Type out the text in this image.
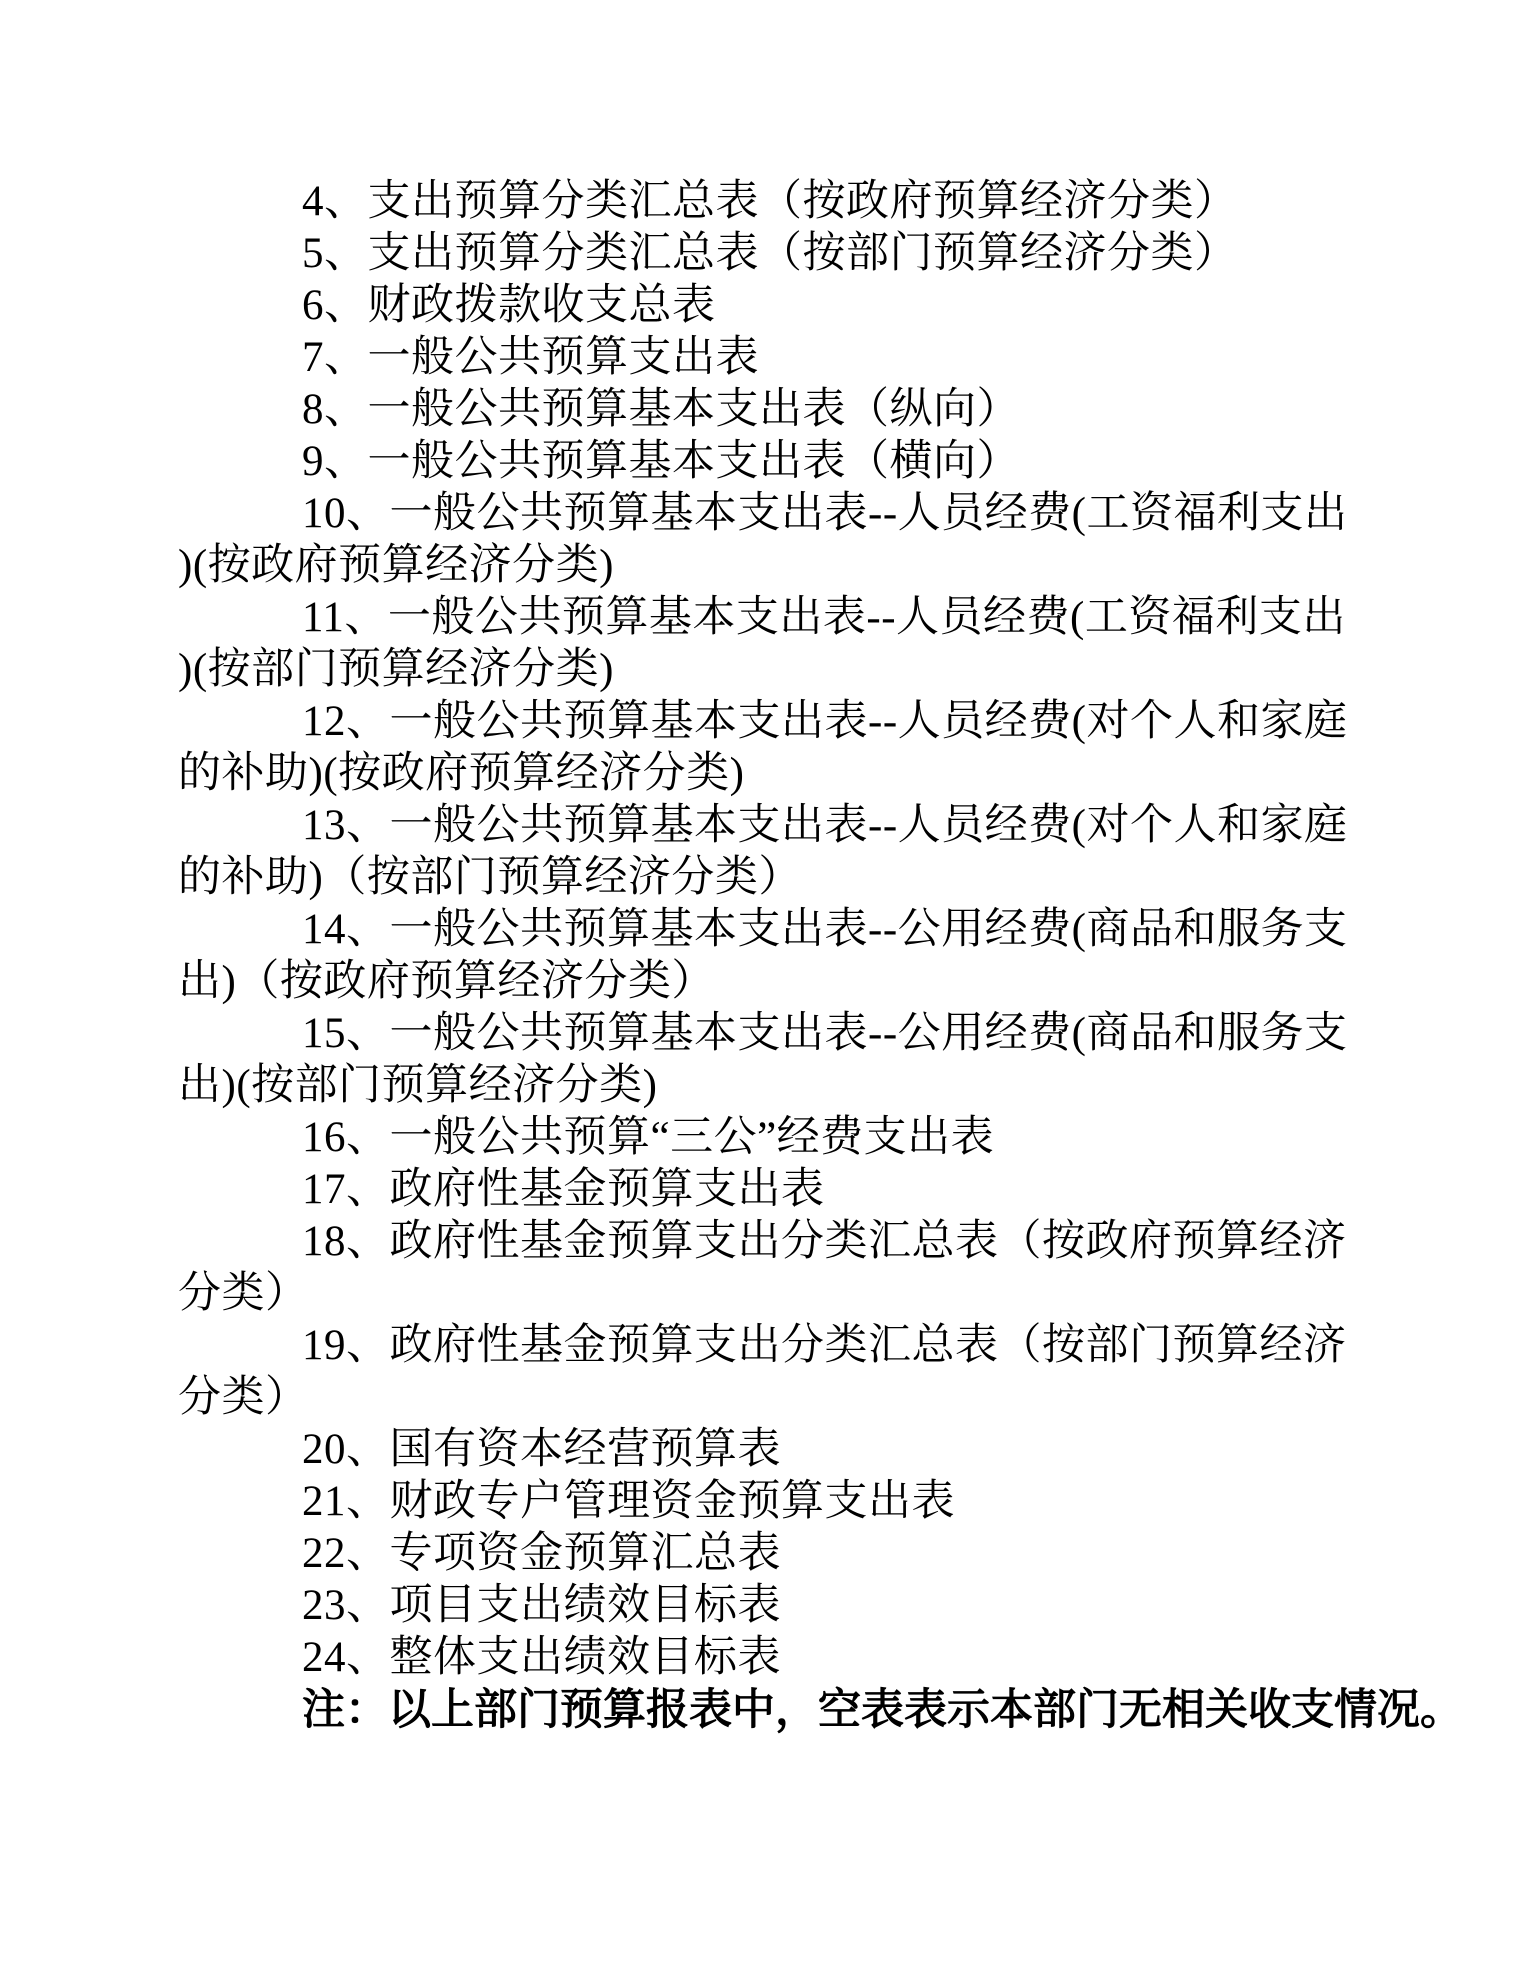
4、支出预算分类汇总表（按政府预算经济分类）
5、支出预算分类汇总表（按部门预算经济分类）
6、财政拨款收支总表
7、一般公共预算支出表
8、一般公共预算基本支出表（纵向）
9、一般公共预算基本支出表（横向）
10、一般公共预算基本支出表--人员经费(工资福利支出
)(按政府预算经济分类)
11、一般公共预算基本支出表--人员经费(工资福利支出
)(按部门预算经济分类)
12、一般公共预算基本支出表--人员经费(对个人和家庭
的补助)(按政府预算经济分类)
13、一般公共预算基本支出表--人员经费(对个人和家庭
的补助)（按部门预算经济分类）
14、一般公共预算基本支出表--公用经费(商品和服务支
出)（按政府预算经济分类）
15、一般公共预算基本支出表--公用经费(商品和服务支
出)(按部门预算经济分类)
16、一般公共预算“三公”经费支出表
17、政府性基金预算支出表
18、政府性基金预算支出分类汇总表（按政府预算经济
分类）
19、政府性基金预算支出分类汇总表（按部门预算经济
分类）
20、国有资本经营预算表
21、财政专户管理资金预算支出表
22、专项资金预算汇总表
23、项目支出绩效目标表
24、整体支出绩效目标表
注：以上部门预算报表中，空表表示本部门无相关收支情况。
